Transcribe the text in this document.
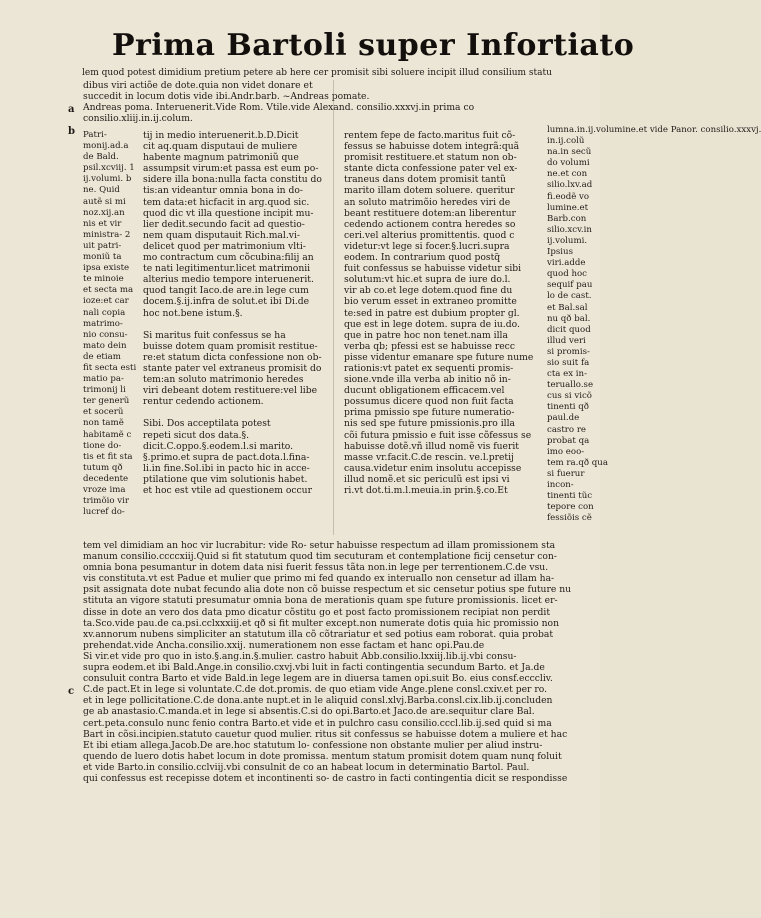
Prima Bartoli super Infortiato
lem quod potest dimidium pretium petere ab here cer promisit sibi soluere incipit illud consilium statu
a
b
c
dibus viri actiõe de dote.quia non videt donare et
succedit in locum dotis vide ibi.Andr.barb. ~Andreas pomate.
Andreas poma. Interuenerit.Vide Rom. Vtile.vide Alexand. consilio.xxxvj.in prima co
consilio.xliij.in.ij.colum.
Patri-
monij.ad.a
de Bald.
psil.xcviij. 1
ij.volumi. b
ne. Quid
autẽ si mi
noz.xij.an
nis et vir
ministra- 2
uit patri-
moniũ ta
ipsa existe
te minoie
et secta ma
ioze:et car
nali copia
matrimo-
nio consu-
mato dein
de etiam
fit secta esti
matio pa-
trimonij li
ter generũ
et socerũ
non tamẽ
habitamẽ c
tione do-
tis et fit sta
tutum qð
decedente
vroze ima
trimõio vir
lucref do-
tij in medio interuenerit.b.D.Dicit
cit aq.quam disputaui de muliere
habente magnum patrimoniũ que
assumpsit virum:et passa est eum po-
sidere illa bona:nulla facta constitu do
tis:an videantur omnia bona in do-
tem data:et hicfacit in arg.quod sic.
quod dic vt illa questione incipit mu-
lier dedit.secundo facit ad questio-
nem quam disputauit Rich.mal.vi-
delicet quod per matrimonium vlti-
mo contractum cum cõcubina:filij an
te nati legitimentur.licet matrimonii
alterius medio tempore interuenerit.
quod tangit Iaco.de are.in lege cum
docem.§.ij.infra de solut.et ibi Di.de
hoc not.bene istum.§.

Si maritus fuit confessus se ha
buisse dotem quam promisit restitue-
re:et statum dicta confessione non ob-
stante pater vel extraneus promisit do
tem:an soluto matrimonio heredes
viri debeant dotem restituere:vel libe
rentur cedendo actionem.

Sibi. Dos acceptilata potest
repeti sicut dos data.§.
dicit.C.oppo.§.eodem.l.si marito.
§.primo.et supra de pact.dota.l.fina-
li.in fine.Sol.ibi in pacto hic in acce-
ptilatione que vim solutionis habet.
et hoc est vtile ad questionem occur
rentem fepe de facto.maritus fuit cõ-
fessus se habuisse dotem integrã:quã
promisit restituere.et statum non ob-
stante dicta confessione pater vel ex-
traneus dans dotem promisit tantũ
marito illam dotem soluere. queritur
an soluto matrimõio heredes viri de
beant restituere dotem:an liberentur
cedendo actionem contra heredes so
ceri.vel alterius promittentis. quod c
videtur:vt lege si focer.§.lucri.supra
eodem. In contrarium quod postq̃
fuit confessus se habuisse videtur sibi
solutum:vt hic.et supra de iure do.l.
vir ab co.et lege dotem.quod fine du
bio verum esset in extraneo promitte
te:sed in patre est dubium propter gl.
que est in lege dotem. supra de iu.do.
que in patre hoc non tenet.nam illa
verba qb; pfessi est se habuisse recc
pisse videntur emanare spe future nume
rationis:vt patet ex sequenti promis-
sione.vnde illa verba ab initio nõ in-
ducunt obligationem efficacem.vel
possumus dicere quod non fuit facta
prima pmissio spe future numeratio-
nis sed spe future pmissionis.pro illa
cõi futura pmissio e fuit isse cõfessus se
habuisse dotẽ.vñ illud nomẽ vis fuerit
masse vr.facit.C.de rescin. ve.l.pretij
causa.videtur enim insolutu accepisse
illud nomẽ.et sic periculũ est ipsi vi
ri.vt dot.ti.m.l.meuia.in prin.§.co.Et
lumna.in.ij.volumine.et vide Panor. consilio.xxxvj.
in.ij.colũ
na.in secũ
do volumi
ne.et con
silio.lxv.ad
fi.eodẽ vo
lumine.et
Barb.con
silio.xcv.in
ij.volumi.
Ipsius
viri.adde
quod hoc
sequif pau
lo de cast.
et Bal.sal
nu qð bal.
dicit quod
illud veri
si promis-
sio suit fa
cta ex in-
teruallo.se
cus si vicõ
tinenti qð
paul.de
castro re
probat qa
imo eoo-
tem ra.qð qua
si fuerur
incon-
tinenti tũc
tepore con
fessiõis cẽ
tem vel dimidiam an hoc vir lucrabitur: vide Ro- setur habuisse respectum ad illam promissionem sta
manum consilio.ccccxiij.Quid si fit statutum quod tim secuturam et contemplatione ficij censetur con-
omnia bona pesumantur in dotem data nisi fuerit fessus tãta non.in lege per terrentionem.C.de vsu.
vis constituta.vt est Padue et mulier que primo mi fed quando ex interuallo non censetur ad illam ha-
psit assignata dote nubat fecundo alia dote non cõ buisse respectum et sic censetur potius spe future nu
stituta an vigore statuti presumatur omnia bona de merationis quam spe future promissionis. licet er-
disse in dote an vero dos data pmo dicatur cõstitu go et post facto promissionem recipiat non perdit
ta.Sco.vide pau.de ca.psi.cclxxxiij.et qð si fit multer except.non numerate dotis quia hic promissio non
xv.annorum nubens simpliciter an statutum illa cõ cõtrariatur et sed potius eam roborat. quia probat
prehendat.vide Ancha.consilio.xxij. numerationem non esse factam et hanc opi.Pau.de
Si vir.et vide pro quo in isto.§.ang.in.§.mulier. castro habuit Abb.consilio.lxxiij.lib.ij.vbi consu-
supra eodem.et ibi Bald.Ange.in consilio.cxvj.vbi luit in facti contingentia secundum Barto. et Ja.de
consuluit contra Barto et vide Bald.in lege legem are in diuersa tamen opi.suit Bo. eius consf.ecccliv.
C.de pact.Et in lege si voluntate.C.de dot.promis. de quo etiam vide Ange.plene consl.cxiv.et per ro.
et in lege pollicitatione.C.de dona.ante nupt.et in le aliquid consl.xlvj.Barba.consl.cix.lib.ij.concluden
ge ab anastasio.C.manda.et in lege si absentis.C.si do opi.Barto.et Jaco.de are.sequitur clare Bal.
cert.peta.consulo nunc fenio contra Barto.et vide et in pulchro casu consilio.cccl.lib.ij.sed quid si ma
Bart in cõsi.incipien.statuto cauetur quod mulier. ritus sit confessus se habuisse dotem a muliere et hac
Et ibi etiam allega.Jacob.De are.hoc statutum lo- confessione non obstante mulier per aliud instru-
quendo de luero dotis habet locum in dote promissa. mentum statum promisit dotem quam nunq foluit
et vide Barto.in consilio.cclviij.vbi consulnit de co an habeat locum in determinatio Bartol. Paul.
qui confessus est recepisse dotem et incontinenti so- de castro in facti contingentia dicit se respondisse
